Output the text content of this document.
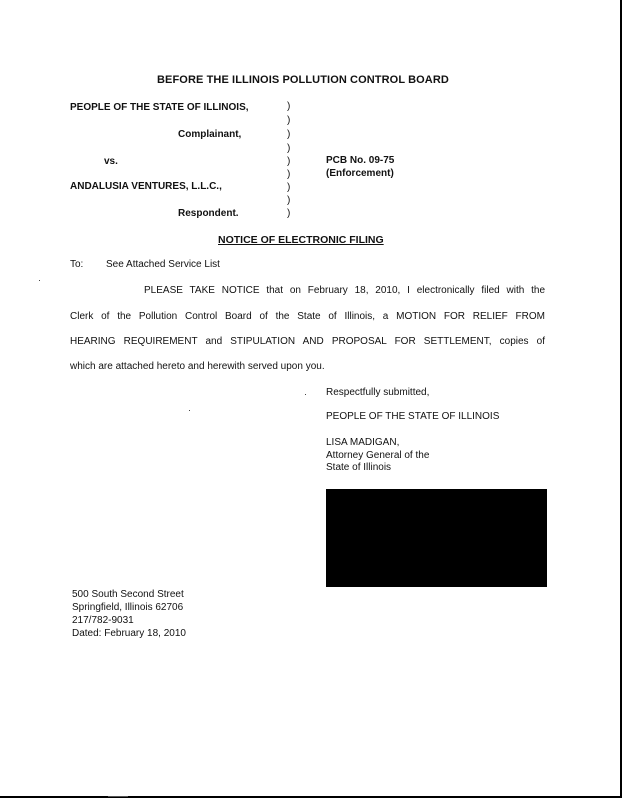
BEFORE THE ILLINOIS POLLUTION CONTROL BOARD
PEOPLE OF THE STATE OF ILLINOIS,
Complainant,
vs.
ANDALUSIA VENTURES, L.L.C.,
Respondent.
)
)
)
)
)
)
)
)
)
PCB No. 09-75
(Enforcement)
NOTICE OF ELECTRONIC FILING
To: See Attached Service List
PLEASE TAKE NOTICE that on February 18, 2010, I electronically filed with the
Clerk of the Pollution Control Board of the State of Illinois, a MOTION FOR RELIEF FROM
HEARING REQUIREMENT and STIPULATION AND PROPOSAL FOR SETTLEMENT, copies of
which are attached hereto and herewith served upon you.
Respectfully submitted,
PEOPLE OF THE STATE OF ILLINOIS
LISA MADIGAN,
Attorney General of the
State of Illinois
500 South Second Street
Springfield, Illinois 62706
217/782-9031
Dated: February 18, 2010
